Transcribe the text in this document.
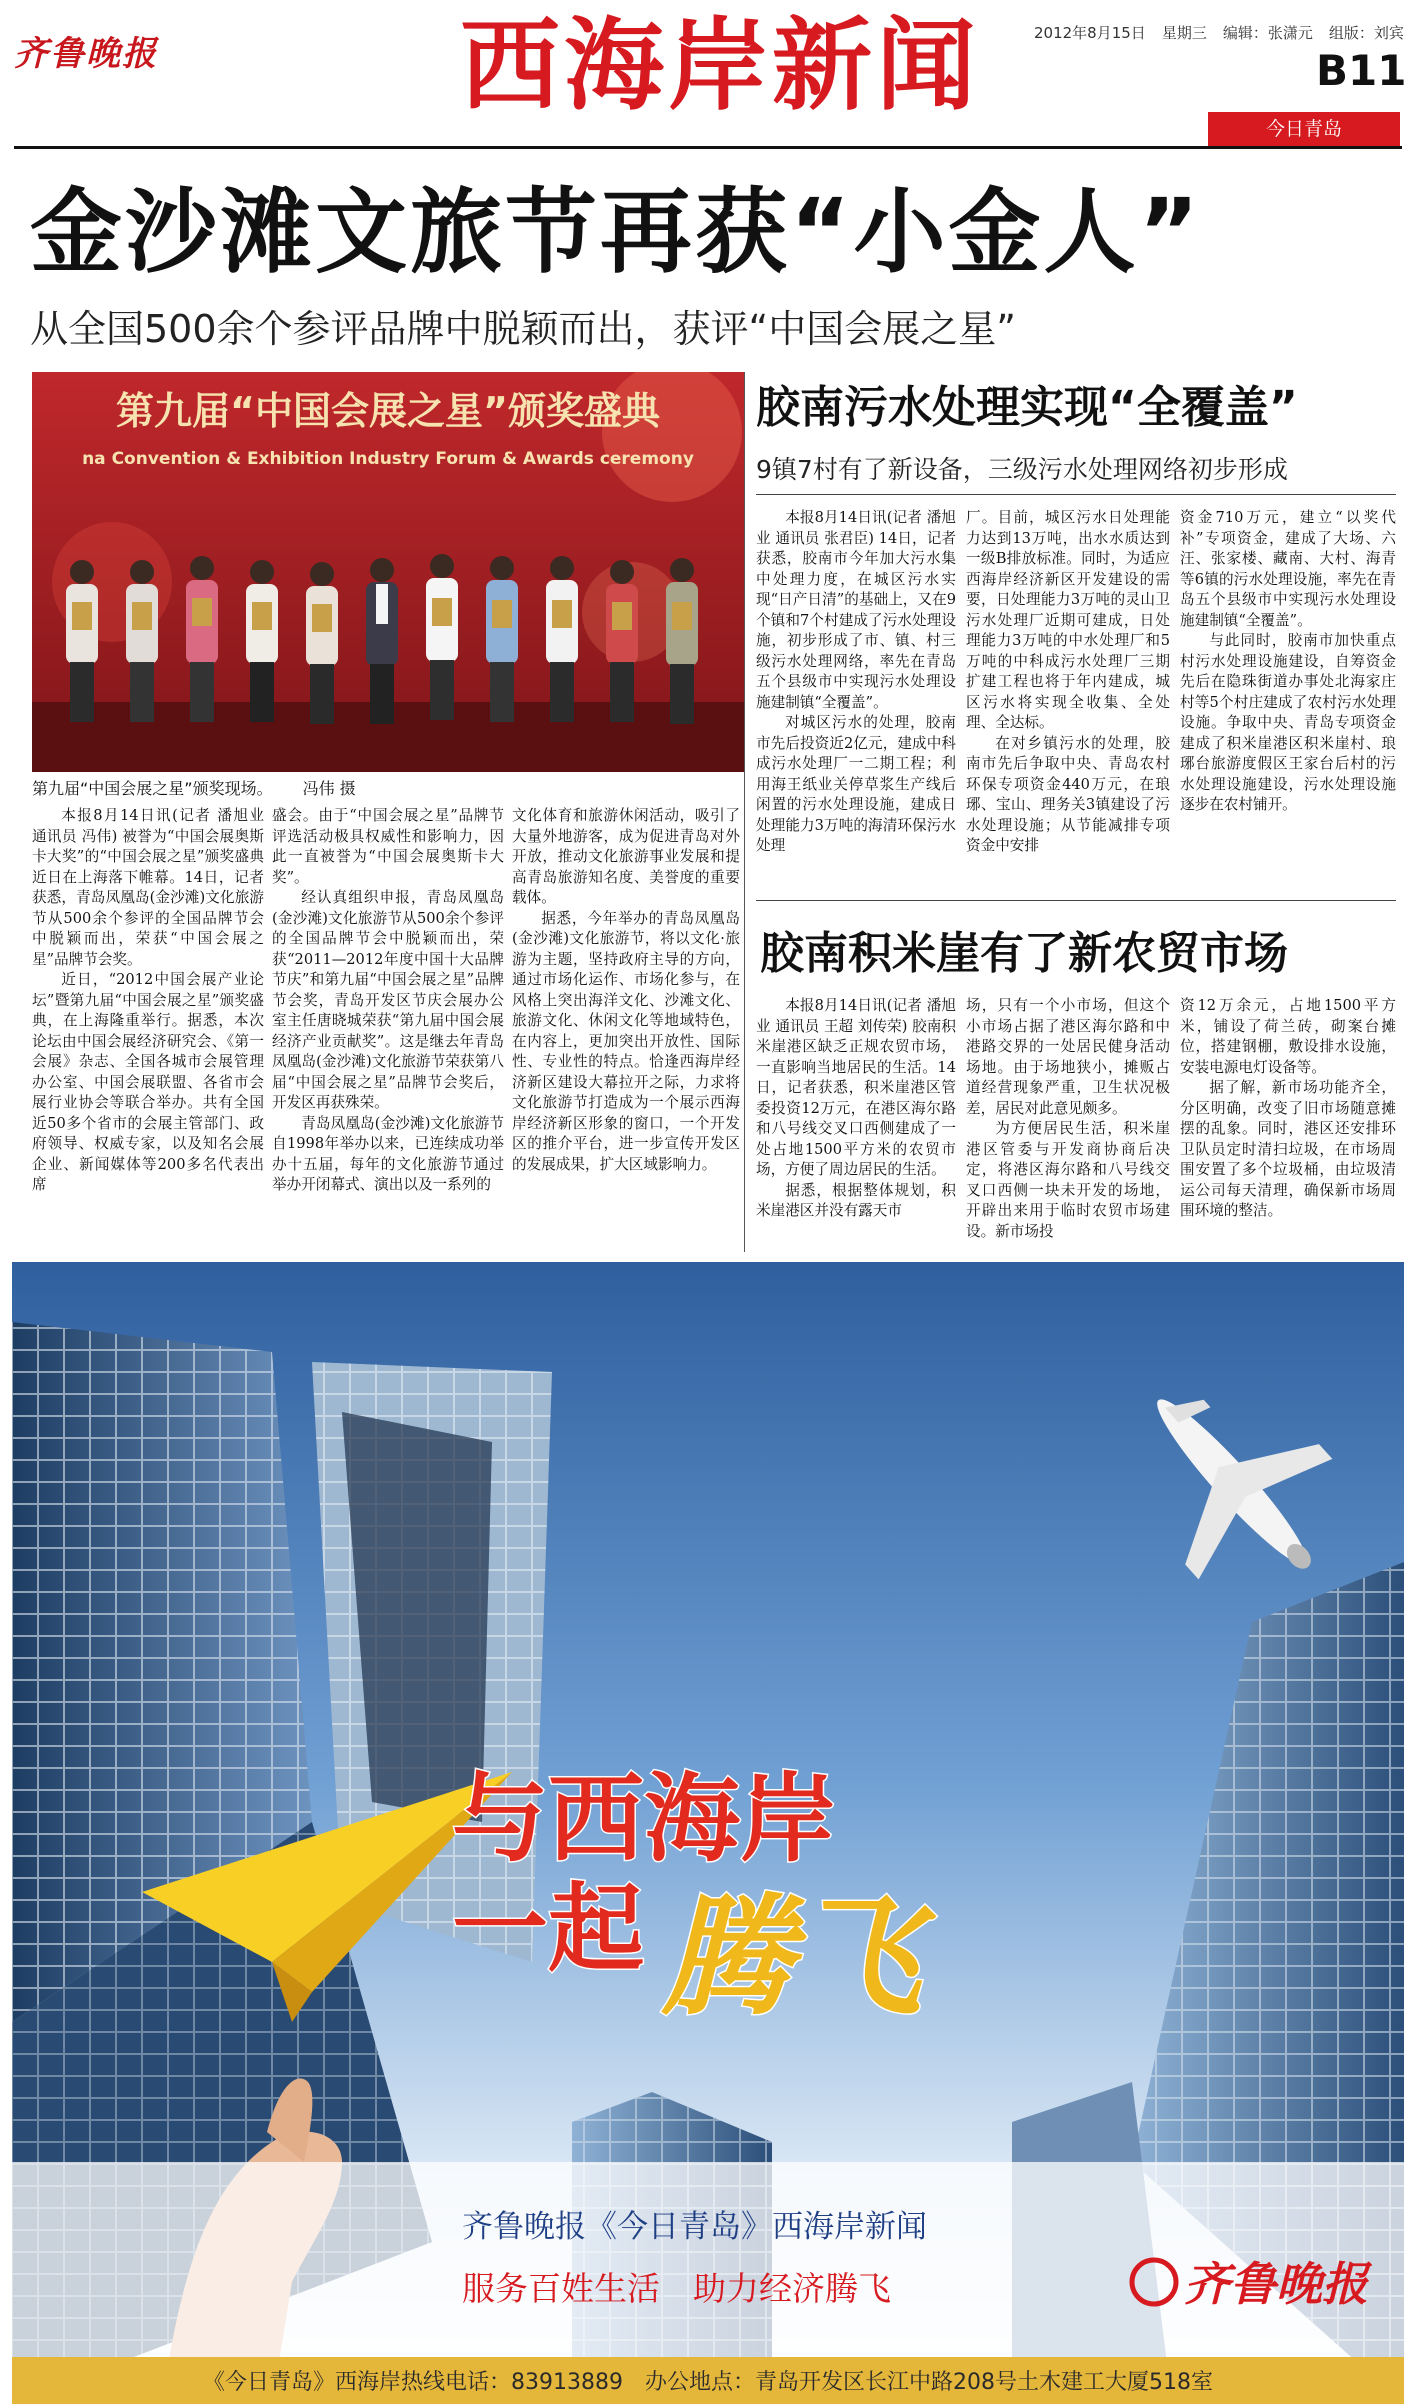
齐鲁晚报	西海岸新闻	2012年8月15日 星期三 编辑：张潇元 组版：刘宾
B11
今日青岛
金沙滩文旅节再获“小金人”
从全国500余个参评品牌中脱颖而出，获评“中国会展之星”
第九届“中国会展之星”颁奖盛典
na Convention & Exhibition Industry Forum & Awards ceremony
第九届“中国会展之星”颁奖现场。 冯伟 摄

本报8月14日讯(记者 潘旭业 通讯员 冯伟) 被誉为“中国会展奥斯卡大奖”的“中国会展之星”颁奖盛典近日在上海落下帷幕。14日，记者获悉，青岛凤凰岛(金沙滩)文化旅游节从500余个参评的全国品牌节会中脱颖而出，荣获“中国会展之星”品牌节会奖。

近日，“2012中国会展产业论坛”暨第九届“中国会展之星”颁奖盛典，在上海隆重举行。据悉，本次论坛由中国会展经济研究会、《第一会展》杂志、全国各城市会展管理办公室、中国会展联盟、各省市会展行业协会等联合举办。共有全国近50多个省市的会展主管部门、政府领导、权威专家，以及知名会展企业、新闻媒体等200多名代表出席

盛会。由于“中国会展之星”品牌节评选活动极具权威性和影响力，因此一直被誉为“中国会展奥斯卡大奖”。

经认真组织申报，青岛凤凰岛(金沙滩)文化旅游节从500余个参评的全国品牌节会中脱颖而出，荣获“2011—2012年度中国十大品牌节庆”和第九届“中国会展之星”品牌节会奖，青岛开发区节庆会展办公室主任唐晓城荣获“第九届中国会展经济产业贡献奖”。这是继去年青岛凤凰岛(金沙滩)文化旅游节荣获第八届“中国会展之星”品牌节会奖后，开发区再获殊荣。

青岛凤凰岛(金沙滩)文化旅游节自1998年举办以来，已连续成功举办十五届，每年的文化旅游节通过举办开闭幕式、演出以及一系列的

文化体育和旅游休闲活动，吸引了大量外地游客，成为促进青岛对外开放，推动文化旅游事业发展和提高青岛旅游知名度、美誉度的重要载体。

据悉，今年举办的青岛凤凰岛(金沙滩)文化旅游节，将以文化·旅游为主题，坚持政府主导的方向，通过市场化运作、市场化参与，在风格上突出海洋文化、沙滩文化、旅游文化、休闲文化等地域特色，在内容上，更加突出开放性、国际性、专业性的特点。恰逢西海岸经济新区建设大幕拉开之际，力求将文化旅游节打造成为一个展示西海岸经济新区形象的窗口，一个开发区的推介平台，进一步宣传开发区的发展成果，扩大区域影响力。

胶南污水处理实现“全覆盖”
9镇7村有了新设备，三级污水处理网络初步形成

本报8月14日讯(记者 潘旭业 通讯员 张君臣) 14日，记者获悉，胶南市今年加大污水集中处理力度，在城区污水实现“日产日清”的基础上，又在9个镇和7个村建成了污水处理设施，初步形成了市、镇、村三级污水处理网络，率先在青岛五个县级市中实现污水处理设施建制镇“全覆盖”。

对城区污水的处理，胶南市先后投资近2亿元，建成中科成污水处理厂一二期工程；利用海王纸业关停草浆生产线后闲置的污水处理设施，建成日处理能力3万吨的海清环保污水处理

厂。目前，城区污水日处理能力达到13万吨，出水水质达到一级B排放标准。同时，为适应西海岸经济新区开发建设的需要，日处理能力3万吨的灵山卫污水处理厂近期可建成，日处理能力3万吨的中水处理厂和5万吨的中科成污水处理厂三期扩建工程也将于年内建成，城区污水将实现全收集、全处理、全达标。

在对乡镇污水的处理，胶南市先后争取中央、青岛农村环保专项资金440万元，在琅琊、宝山、理务关3镇建设了污水处理设施；从节能减排专项资金中安排

资金710万元，建立“以奖代补”专项资金，建成了大场、六汪、张家楼、藏南、大村、海青等6镇的污水处理设施，率先在青岛五个县级市中实现污水处理设施建制镇“全覆盖”。

与此同时，胶南市加快重点村污水处理设施建设，自筹资金先后在隐珠街道办事处北海家庄村等5个村庄建成了农村污水处理设施。争取中央、青岛专项资金建成了积米崖港区积米崖村、琅琊台旅游度假区王家台后村的污水处理设施建设，污水处理设施逐步在农村铺开。

胶南积米崖有了新农贸市场

本报8月14日讯(记者 潘旭业 通讯员 王超 刘传荣) 胶南积米崖港区缺乏正规农贸市场，一直影响当地居民的生活。14日，记者获悉，积米崖港区管委投资12万元，在港区海尔路和八号线交叉口西侧建成了一处占地1500平方米的农贸市场，方便了周边居民的生活。

据悉，根据整体规划，积米崖港区并没有露天市

场，只有一个小市场，但这个小市场占据了港区海尔路和中港路交界的一处居民健身活动场地。由于场地狭小，摊贩占道经营现象严重，卫生状况极差，居民对此意见颇多。

为方便居民生活，积米崖港区管委与开发商协商后决定，将港区海尔路和八号线交叉口西侧一块未开发的场地，开辟出来用于临时农贸市场建设。新市场投

资12万余元，占地1500平方米，铺设了荷兰砖，砌案台摊位，搭建钢棚，敷设排水设施，安装电源电灯设备等。

据了解，新市场功能齐全，分区明确，改变了旧市场随意摊摆的乱象。同时，港区还安排环卫队员定时清扫垃圾，在市场周围安置了多个垃圾桶，由垃圾清运公司每天清理，确保新市场周围环境的整洁。

与西海岸
一起 腾飞
齐鲁晚报《今日青岛》西海岸新闻
服务百姓生活　助力经济腾飞	齐鲁晚报
《今日青岛》西海岸热线电话：83913889　办公地点：青岛开发区长江中路208号土木建工大厦518室
